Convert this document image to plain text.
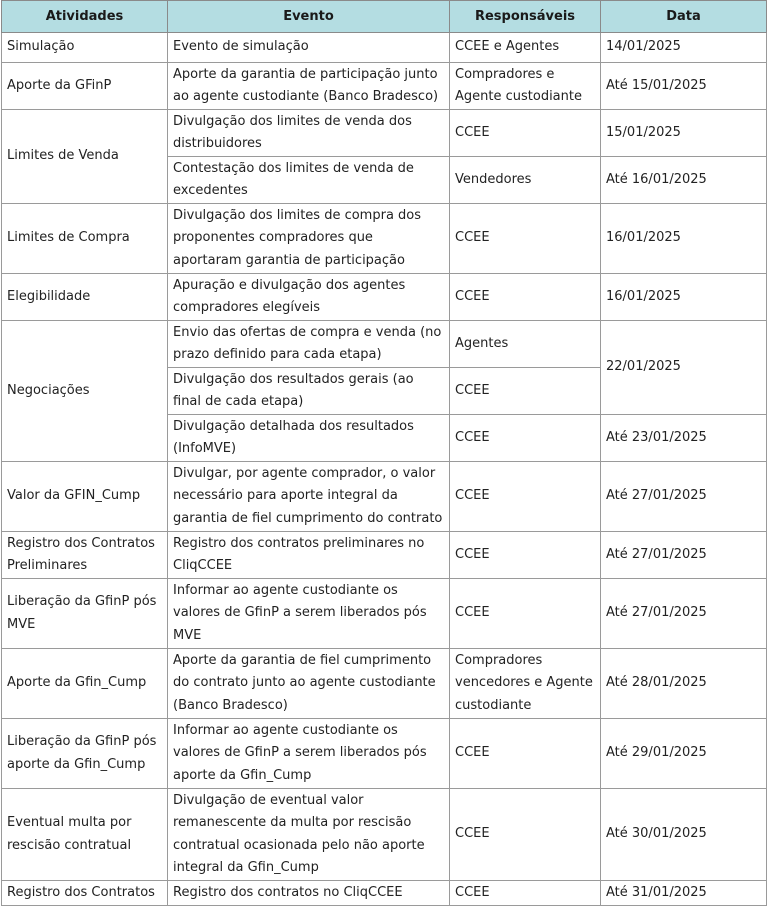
Atividades	Evento	Responsáveis	Data
Simulação	Evento de simulação	CCEE e Agentes	14/01/2025
Aporte da GFinP	Aporte da garantia de participação junto ao agente custodiante (Banco Bradesco)	Compradores e Agente custodiante	Até 15/01/2025
Limites de Venda	Divulgação dos limites de venda dos distribuidores	CCEE	15/01/2025
	Contestação dos limites de venda de excedentes	Vendedores	Até 16/01/2025
Limites de Compra	Divulgação dos limites de compra dos proponentes compradores que aportaram garantia de participação	CCEE	16/01/2025
Elegibilidade	Apuração e divulgação dos agentes compradores elegíveis	CCEE	16/01/2025
Negociações	Envio das ofertas de compra e venda (no prazo definido para cada etapa)	Agentes	22/01/2025
	Divulgação dos resultados gerais (ao final de cada etapa)	CCEE	
	Divulgação detalhada dos resultados (InfoMVE)	CCEE	Até 23/01/2025
Valor da GFIN_Cump	Divulgar, por agente comprador, o valor necessário para aporte integral da garantia de fiel cumprimento do contrato	CCEE	Até 27/01/2025
Registro dos Contratos Preliminares	Registro dos contratos preliminares no CliqCCEE	CCEE	Até 27/01/2025
Liberação da GfinP pós MVE	Informar ao agente custodiante os valores de GfinP a serem liberados pós MVE	CCEE	Até 27/01/2025
Aporte da Gfin_Cump	Aporte da garantia de fiel cumprimento do contrato junto ao agente custodiante (Banco Bradesco)	Compradores vencedores e Agente custodiante	Até 28/01/2025
Liberação da GfinP pós aporte da Gfin_Cump	Informar ao agente custodiante os valores de GfinP a serem liberados pós aporte da Gfin_Cump	CCEE	Até 29/01/2025
Eventual multa por rescisão contratual	Divulgação de eventual valor remanescente da multa por rescisão contratual ocasionada pelo não aporte integral da Gfin_Cump	CCEE	Até 30/01/2025
Registro dos Contratos	Registro dos contratos no CliqCCEE	CCEE	Até 31/01/2025
